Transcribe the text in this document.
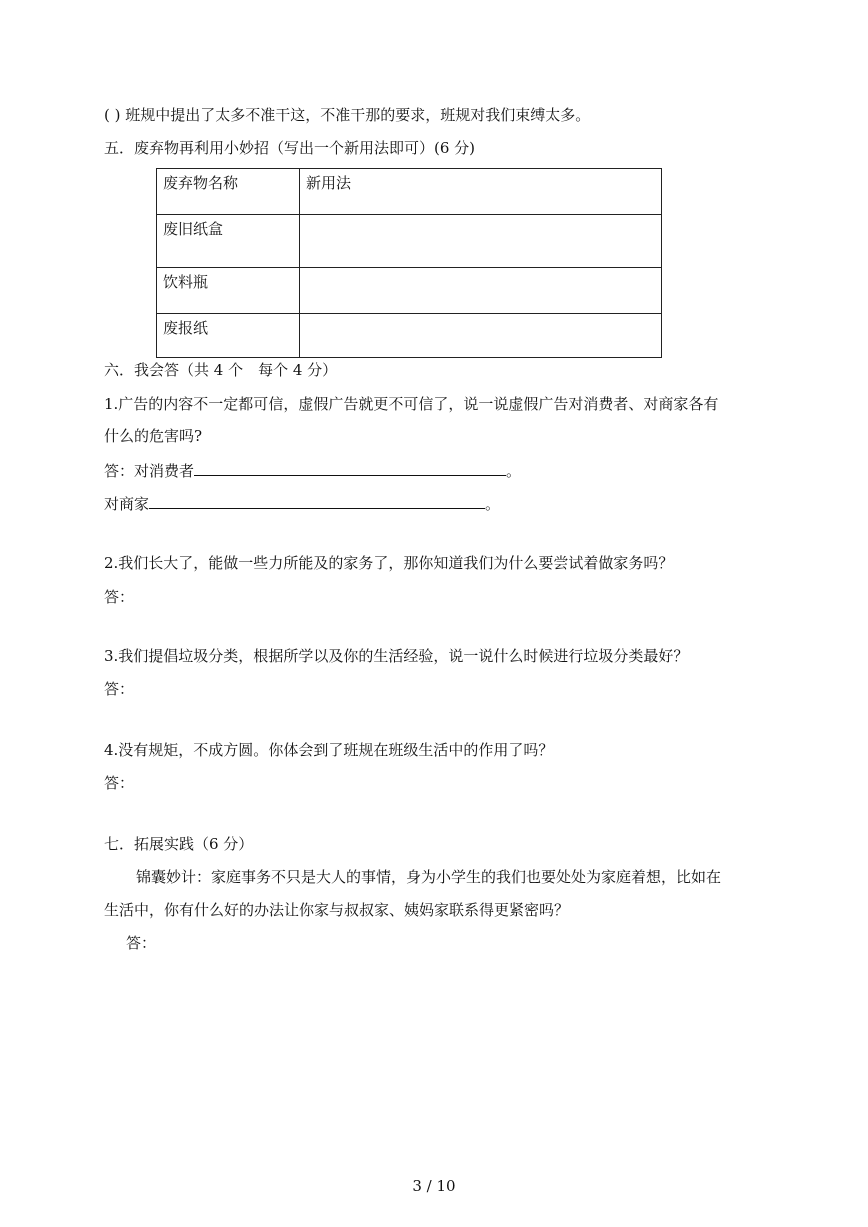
( ) 班规中提出了太多不准干这，不准干那的要求，班规对我们束缚太多。
五．废弃物再利用小妙招（写出一个新用法即可）(6 分)
废弃物名称	新用法
废旧纸盒	
饮料瓶	
废报纸	
六．我会答（共 4 个　每个 4 分）
1.广告的内容不一定都可信，虚假广告就更不可信了，说一说虚假广告对消费者、对商家各有
什么的危害吗?
答：对消费者	。
对商家	。
2.我们长大了，能做一些力所能及的家务了，那你知道我们为什么要尝试着做家务吗？
答：
3.我们提倡垃圾分类，根据所学以及你的生活经验，说一说什么时候进行垃圾分类最好？
答：
4.没有规矩，不成方圆。你体会到了班规在班级生活中的作用了吗？
答：
七．拓展实践（6 分）
锦囊妙计：家庭事务不只是大人的事情，身为小学生的我们也要处处为家庭着想，比如在
生活中，你有什么好的办法让你家与叔叔家、姨妈家联系得更紧密吗？
答：
3 / 10
